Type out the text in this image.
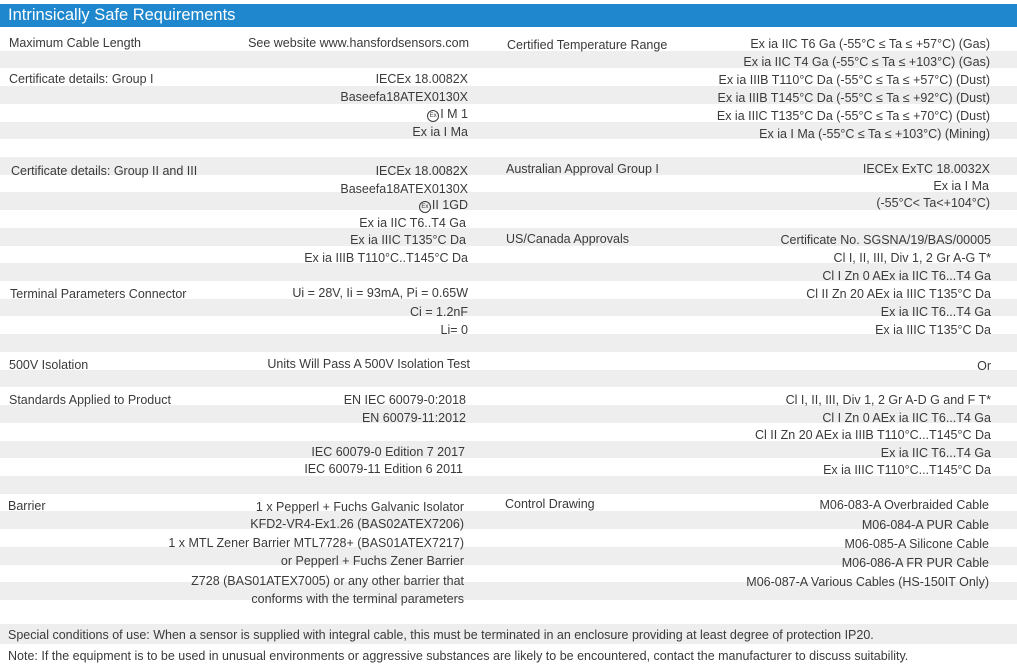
Intrinsically Safe Requirements
Maximum Cable Length	See website www.hansfordsensors.com
Certificate details: Group I	IECEx 18.0082X
Baseefa18ATEX0130X
Ex I M 1
Ex ia I Ma
Certificate details: Group II and III	IECEx 18.0082X
Baseefa18ATEX0130X
Ex II 1GD
Ex ia IIC T6..T4 Ga
Ex ia IIIC T135°C Da
Ex ia IIIB T110°C..T145°C Da
Terminal Parameters Connector	Ui = 28V, Ii = 93mA, Pi = 0.65W
Ci = 1.2nF
Li= 0
500V Isolation	Units Will Pass A 500V Isolation Test
Standards Applied to Product	EN IEC 60079-0:2018
EN 60079-11:2012
IEC 60079-0 Edition 7 2017
IEC 60079-11 Edition 6 2011
Barrier	1 x Pepperl + Fuchs Galvanic Isolator
KFD2-VR4-Ex1.26 (BAS02ATEX7206)
1 x MTL Zener Barrier MTL7728+ (BAS01ATEX7217)
or Pepperl + Fuchs Zener Barrier
Z728 (BAS01ATEX7005) or any other barrier that
conforms with the terminal parameters
Certified Temperature Range	Ex ia IIC T6 Ga (-55°C ≤ Ta ≤ +57°C) (Gas)
Ex ia IIC T4 Ga (-55°C ≤ Ta ≤ +103°C) (Gas)
Ex ia IIIB T110°C Da (-55°C ≤ Ta ≤ +57°C) (Dust)
Ex ia IIIB T145°C Da (-55°C ≤ Ta ≤ +92°C) (Dust)
Ex ia IIIC T135°C Da (-55°C ≤ Ta ≤ +70°C) (Dust)
Ex ia I Ma (-55°C ≤ Ta ≤ +103°C) (Mining)
Australian Approval Group I	IECEx ExTC 18.0032X
Ex ia I Ma
(-55°C< Ta<+104°C)
US/Canada Approvals	Certificate No. SGSNA/19/BAS/00005
Cl I, II, III, Div 1, 2 Gr A-G T*
Cl I Zn 0 AEx ia IIC T6...T4 Ga
Cl II Zn 20 AEx ia IIIC T135°C Da
Ex ia IIC T6...T4 Ga
Ex ia IIIC T135°C Da
Or
Cl I, II, III, Div 1, 2 Gr A-D G and F T*
Cl I Zn 0 AEx ia IIC T6...T4 Ga
Cl II Zn 20 AEx ia IIIB T110°C...T145°C Da
Ex ia IIC T6...T4 Ga
Ex ia IIIC T110°C...T145°C Da
Control Drawing	M06-083-A Overbraided Cable
M06-084-A PUR Cable
M06-085-A Silicone Cable
M06-086-A FR PUR Cable
M06-087-A Various Cables (HS-150IT Only)
Special conditions of use: When a sensor is supplied with integral cable, this must be terminated in an enclosure providing at least degree of protection IP20.
Note: If the equipment is to be used in unusual environments or aggressive substances are likely to be encountered, contact the manufacturer to discuss suitability.
